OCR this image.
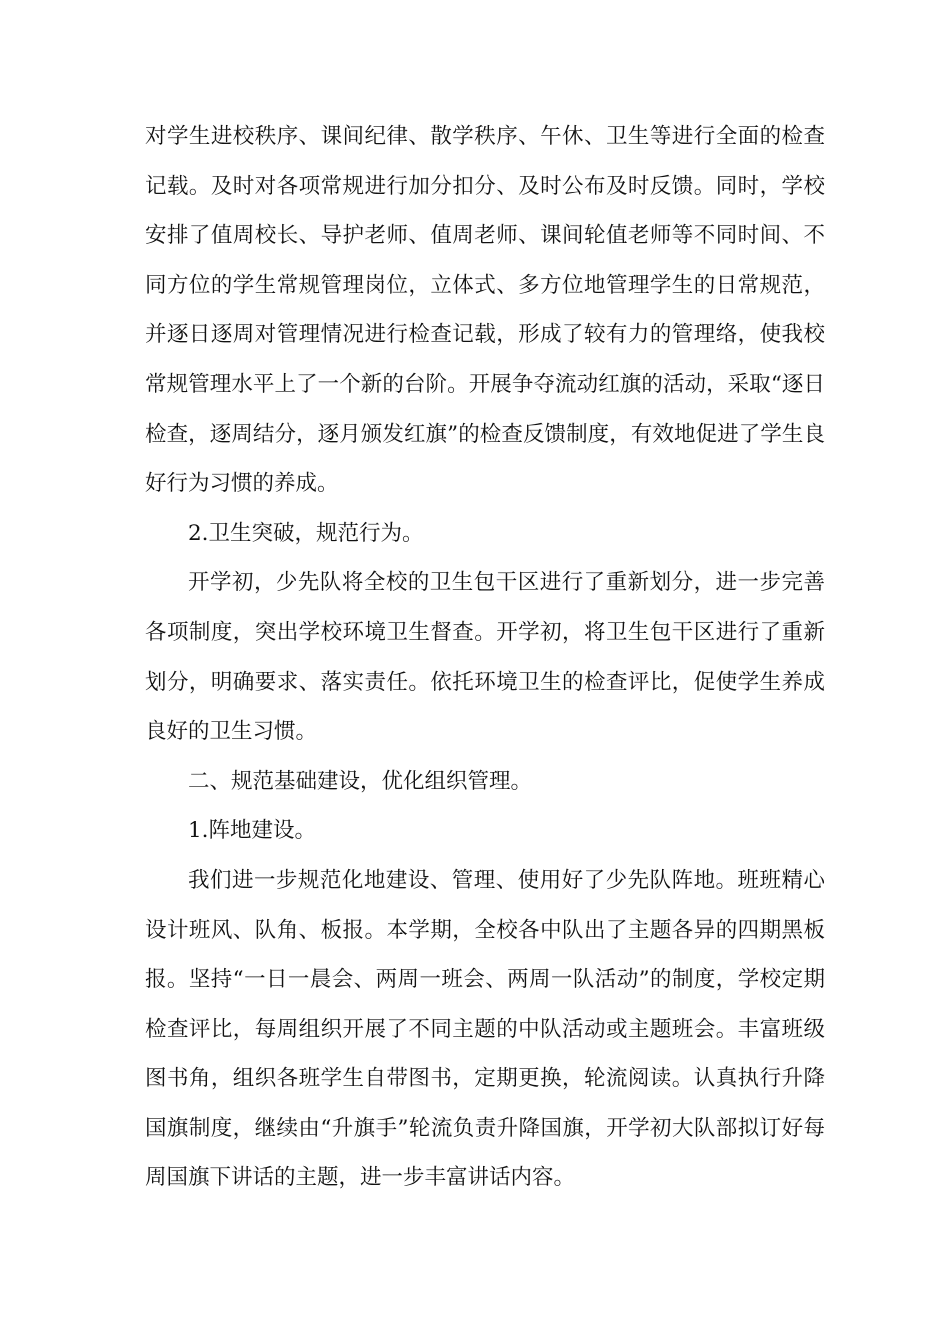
对学生进校秩序、课间纪律、散学秩序、午休、卫生等进行全面的检查记载。及时对各项常规进行加分扣分、及时公布及时反馈。同时，学校安排了值周校长、导护老师、值周老师、课间轮值老师等不同时间、不同方位的学生常规管理岗位，立体式、多方位地管理学生的日常规范，并逐日逐周对管理情况进行检查记载，形成了较有力的管理络，使我校常规管理水平上了一个新的台阶。开展争夺流动红旗的活动，采取“逐日检查，逐周结分，逐月颁发红旗”的检查反馈制度，有效地促进了学生良好行为习惯的养成。

2.卫生突破，规范行为。

开学初，少先队将全校的卫生包干区进行了重新划分，进一步完善各项制度，突出学校环境卫生督查。开学初，将卫生包干区进行了重新划分，明确要求、落实责任。依托环境卫生的检查评比，促使学生养成良好的卫生习惯。

二、规范基础建设，优化组织管理。

1.阵地建设。

我们进一步规范化地建设、管理、使用好了少先队阵地。班班精心设计班风、队角、板报。本学期，全校各中队出了主题各异的四期黑板报。坚持“一日一晨会、两周一班会、两周一队活动”的制度，学校定期检查评比，每周组织开展了不同主题的中队活动或主题班会。丰富班级图书角，组织各班学生自带图书，定期更换，轮流阅读。认真执行升降国旗制度，继续由“升旗手”轮流负责升降国旗，开学初大队部拟订好每周国旗下讲话的主题，进一步丰富讲话内容。
